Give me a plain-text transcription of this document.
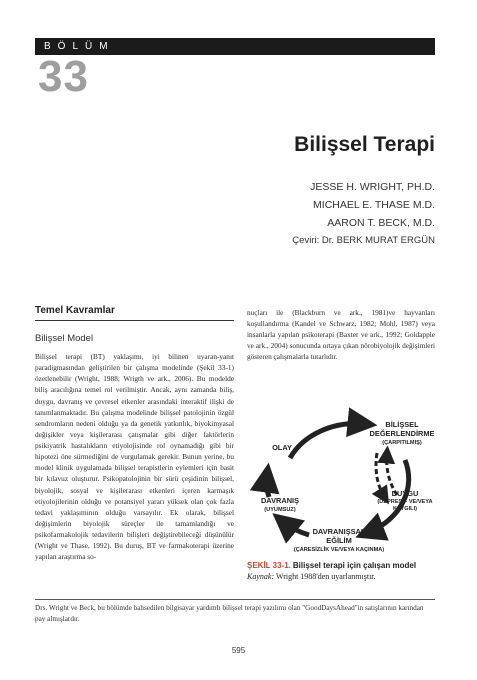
BÖLÜM
33
Bilişsel Terapi
JESSE H. WRIGHT, PH.D.
MICHAEL E. THASE M.D.
AARON T. BECK, M.D.
Çeviri: Dr. BERK MURAT ERGÜN
Temel Kavramlar
Bilişsel Model
Bilişsel terapi (BT) yaklaşımı, iyi bilinen uyaran-yanıt paradigmasından geliştirilen bir çalışma modelinde (Şekil 33-1) özetlenebilir (Wright, 1988; Wrigth ve ark., 2006). Bu modelde biliş aracılığına temel rol verilmiştir. Ancak, aynı zamanda biliş, duygu, davranış ve çevresel etkenler arasındaki interaktif ilişki de tanımlanmaktadır. Bu çalışma modelinde bilişsel patolojinin özgül sendromların nedeni olduğu ya da genetik yatkınlık, biyokimyasal değişikler veya kişilerarası çatışmalar gibi diğer faktörlerin psikiyatrik hastalıkların etiyolojisinde rol oynamadığı gibi bir hipotezi öne sürmediğini de vurgulamak gerekir. Bunun yerine, bu model klinik uygulamada bilişsel terapistlerin eylemleri için basit bir kılavuz oluşturur. Psikopatolojinin bir sürü çeşidinin bilişsel, biyolojik, sosyal ve kişilerarası etkenleri içeren karmaşık etiyolojilerinin olduğu ve potansiyel yararı yüksek olan çok fazla tedavi yaklaşımının olduğu varsayılır. Ek olarak, bilişsel değişimlerin biyolojik süreçler ile tamamlandığı ve psikofarmakolojik tedavilerin bilişleri değiştirebileceği düşünülür (Wright ve Thase, 1992). Bu duruş, BT ve farmakoterapi üzerine yapılan araştırma so-
nuçları ile (Blackburn ve ark., 1981)ve hayvanları koşullandırma (Kandel ve Schwarz, 1982; Mohl, 1987) veya insanlarla yapılan psikoterapi (Baxter ve ark., 1992; Goldapple ve ark., 2004) sonucunda ortaya çıkan nörobiyolojik değişimleri gösteren çalışmalarla tutarlıdır.
OLAY
BİLİŞSEL
DEĞERLENDİRME
(ÇARPITILMIŞ)
DUYGU
(DEPRESİF VE/VEYA
KAYGILI)
DAVRANIŞSAL
EĞİLİM
(ÇARESİZLİK VE/VEYA KAÇINMA)
DAVRANIŞ
(UYUMSUZ)
ŞEKİL 33-1. Bilişsel terapi için çalışan model
Kaynak: Wright 1988'den uyarlanmıştır.
Drs. Wright ve Beck, bu bölümde bahsedilen bilgisayar yardımlı bilişsel terapi yazılımı olan "GoodDaysAhead"in satışlarının karından pay almışlardır.
595
